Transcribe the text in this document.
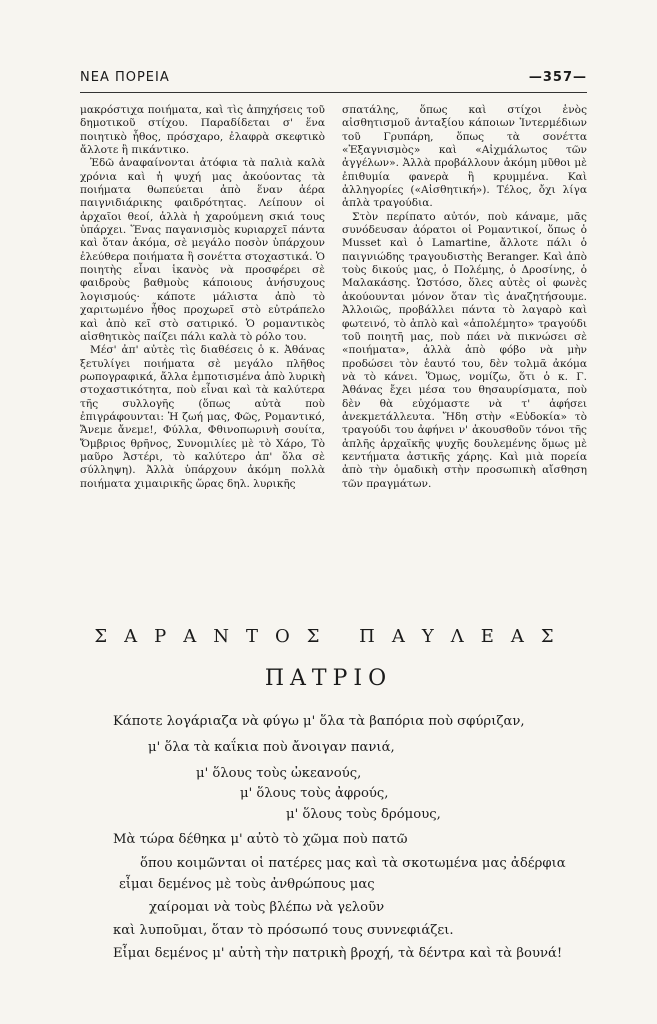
ΝΕΑ ΠΟΡΕΙΑ	—357—

μακρόστιχα ποιήματα, καὶ τὶς ἀπηχήσεις τοῦ δημοτικοῦ στίχου. Παραδίδεται σ' ἕνα ποιητικὸ ἦθος, πρόσχαρο, ἐλαφρὰ σκεφτικὸ ἄλλοτε ἢ πικάντικο.

Ἐδῶ ἀναφαίνονται ἀτόφια τὰ παλιὰ καλὰ χρόνια καὶ ἡ ψυχή μας ἀκούοντας τὰ ποιήματα θωπεύεται ἀπὸ ἕναν ἀέρα παιγνιδιάρικης φαιδρότητας. Λείπουν οἱ ἀρχαῖοι θεοί, ἀλλὰ ἡ χαρούμενη σκιά τους ὑπάρχει. Ἕνας παγανισμὸς κυριαρχεῖ πάντα καὶ ὅταν ἀκόμα, σὲ μεγάλο ποσὸν ὑπάρχουν ἐλεύθερα ποιήματα ἢ σονέττα στοχαστικά. Ὁ ποιητὴς εἶναι ἱκανὸς νὰ προσφέρει σὲ φαιδροὺς βαθμοὺς κάποιους ἀνήσυχους λογισμούς· κάποτε μάλιστα ἀπὸ τὸ χαριτωμένο ἦθος προχωρεῖ στὸ εὐτράπελο καὶ ἀπὸ κεῖ στὸ σατιρικό. Ὁ ρομαντικὸς αἰσθητικὸς παίζει πάλι καλὰ τὸ ρόλο του.

Μέσ' ἀπ' αὐτὲς τὶς διαθέσεις ὁ κ. Ἀθάνας ξετυλίγει ποιήματα σὲ μεγάλο πλῆθος ρωπογραφικά, ἄλλα ἐμποτισμένα ἀπὸ λυρικὴ στοχαστικότητα, ποὺ εἶναι καὶ τὰ καλύτερα τῆς συλλογῆς (ὅπως αὐτὰ ποὺ ἐπιγράφουνται: Ἡ ζωή μας, Φῶς, Ρομαντικό, Ἄνεμε ἄνεμε!, Φύλλα, Φθινοπωρινὴ σουίτα, Ὄμβριος θρῆνος, Συνομιλίες μὲ τὸ Χάρο, Τὸ μαῦρο Ἀστέρι, τὸ καλύτερο ἀπ' ὅλα σὲ σύλληψη). Ἀλλὰ ὑπάρχουν ἀκόμη πολλὰ ποιήματα χιμαιρικῆς ὥρας δηλ. λυρικῆς

σπατάλης, ὅπως καὶ στίχοι ἑνὸς αἰσθητισμοῦ ἀνταξίου κάποιων Ἰντερμέδιων τοῦ Γρυπάρη, ὅπως τὰ σονέττα «Ἐξαγνισμὸς» καὶ «Αἰχμάλωτος τῶν ἀγγέλων». Ἀλλὰ προβάλλουν ἀκόμη μῦθοι μὲ ἐπιθυμία φανερὰ ἢ κρυμμένα. Καὶ ἀλληγορίες («Αἰσθητική»). Τέλος, ὄχι λίγα ἁπλὰ τραγούδια.

Στὸν περίπατο αὐτόν, ποὺ κάναμε, μᾶς συνόδευσαν ἀόρατοι οἱ Ρομαντικοί, ὅπως ὁ Musset καὶ ὁ Lamartine, ἄλλοτε πάλι ὁ παιγνιώδης τραγουδιστὴς Beranger. Καὶ ἀπὸ τοὺς δικούς μας, ὁ Πολέμης, ὁ Δροσίνης, ὁ Μαλακάσης. Ὡστόσο, ὅλες αὐτὲς οἱ φωνὲς ἀκούουνται μόνον ὅταν τὶς ἀναζητήσουμε. Ἀλλοιῶς, προβάλλει πάντα τὸ λαγαρὸ καὶ φωτεινό, τὸ ἁπλὸ καὶ «ἀπολέμητο» τραγούδι τοῦ ποιητῆ μας, ποὺ πάει νὰ πικνώσει σὲ «ποιήματα», ἀλλὰ ἀπὸ φόβο νὰ μὴν προδώσει τὸν ἑαυτό του, δὲν τολμᾶ ἀκόμα νὰ τὸ κάνει. Ὅμως, νομίζω, ὅτι ὁ κ. Γ. Ἀθάνας ἔχει μέσα του θησαυρίσματα, ποὺ δὲν θὰ εὐχόμαστε νὰ τ' ἀφήσει ἀνεκμετάλλευτα. Ἤδη στὴν «Εὐδοκία» τὸ τραγούδι του ἀφήνει ν' ἀκουσθοῦν τόνοι τῆς ἁπλῆς ἀρχαϊκῆς ψυχῆς δουλεμένης ὅμως μὲ κεντήματα ἀστικῆς χάρης. Καὶ μιὰ πορεία ἀπὸ τὴν ὁμαδικὴ στὴν προσωπικὴ αἴσθηση τῶν πραγμάτων.

ΣΑΡΑΝΤΟΣ ΠΑΥΛΕΑΣ
ΠΑΤΡΙΟ
Κάποτε λογάριαζα νὰ φύγω μ' ὅλα τὰ βαπόρια ποὺ σφύριζαν,
μ' ὅλα τὰ καΐκια ποὺ ἄνοιγαν πανιά,
μ' ὅλους τοὺς ὠκεανούς,
μ' ὅλους τοὺς ἀφρούς,
μ' ὅλους τοὺς δρόμους,
Μὰ τώρα δέθηκα μ' αὐτὸ τὸ χῶμα ποὺ πατῶ
ὅπου κοιμῶνται οἱ πατέρες μας καὶ τὰ σκοτωμένα μας ἀδέρφια
εἶμαι δεμένος μὲ τοὺς ἀνθρώπους μας
χαίρομαι νὰ τοὺς βλέπω νὰ γελοῦν
καὶ λυποῦμαι, ὅταν τὸ πρόσωπό τους συννεφιάζει.
Εἶμαι δεμένος μ' αὐτὴ τὴν πατρικὴ βροχή, τὰ δέντρα καὶ τὰ βουνά!
